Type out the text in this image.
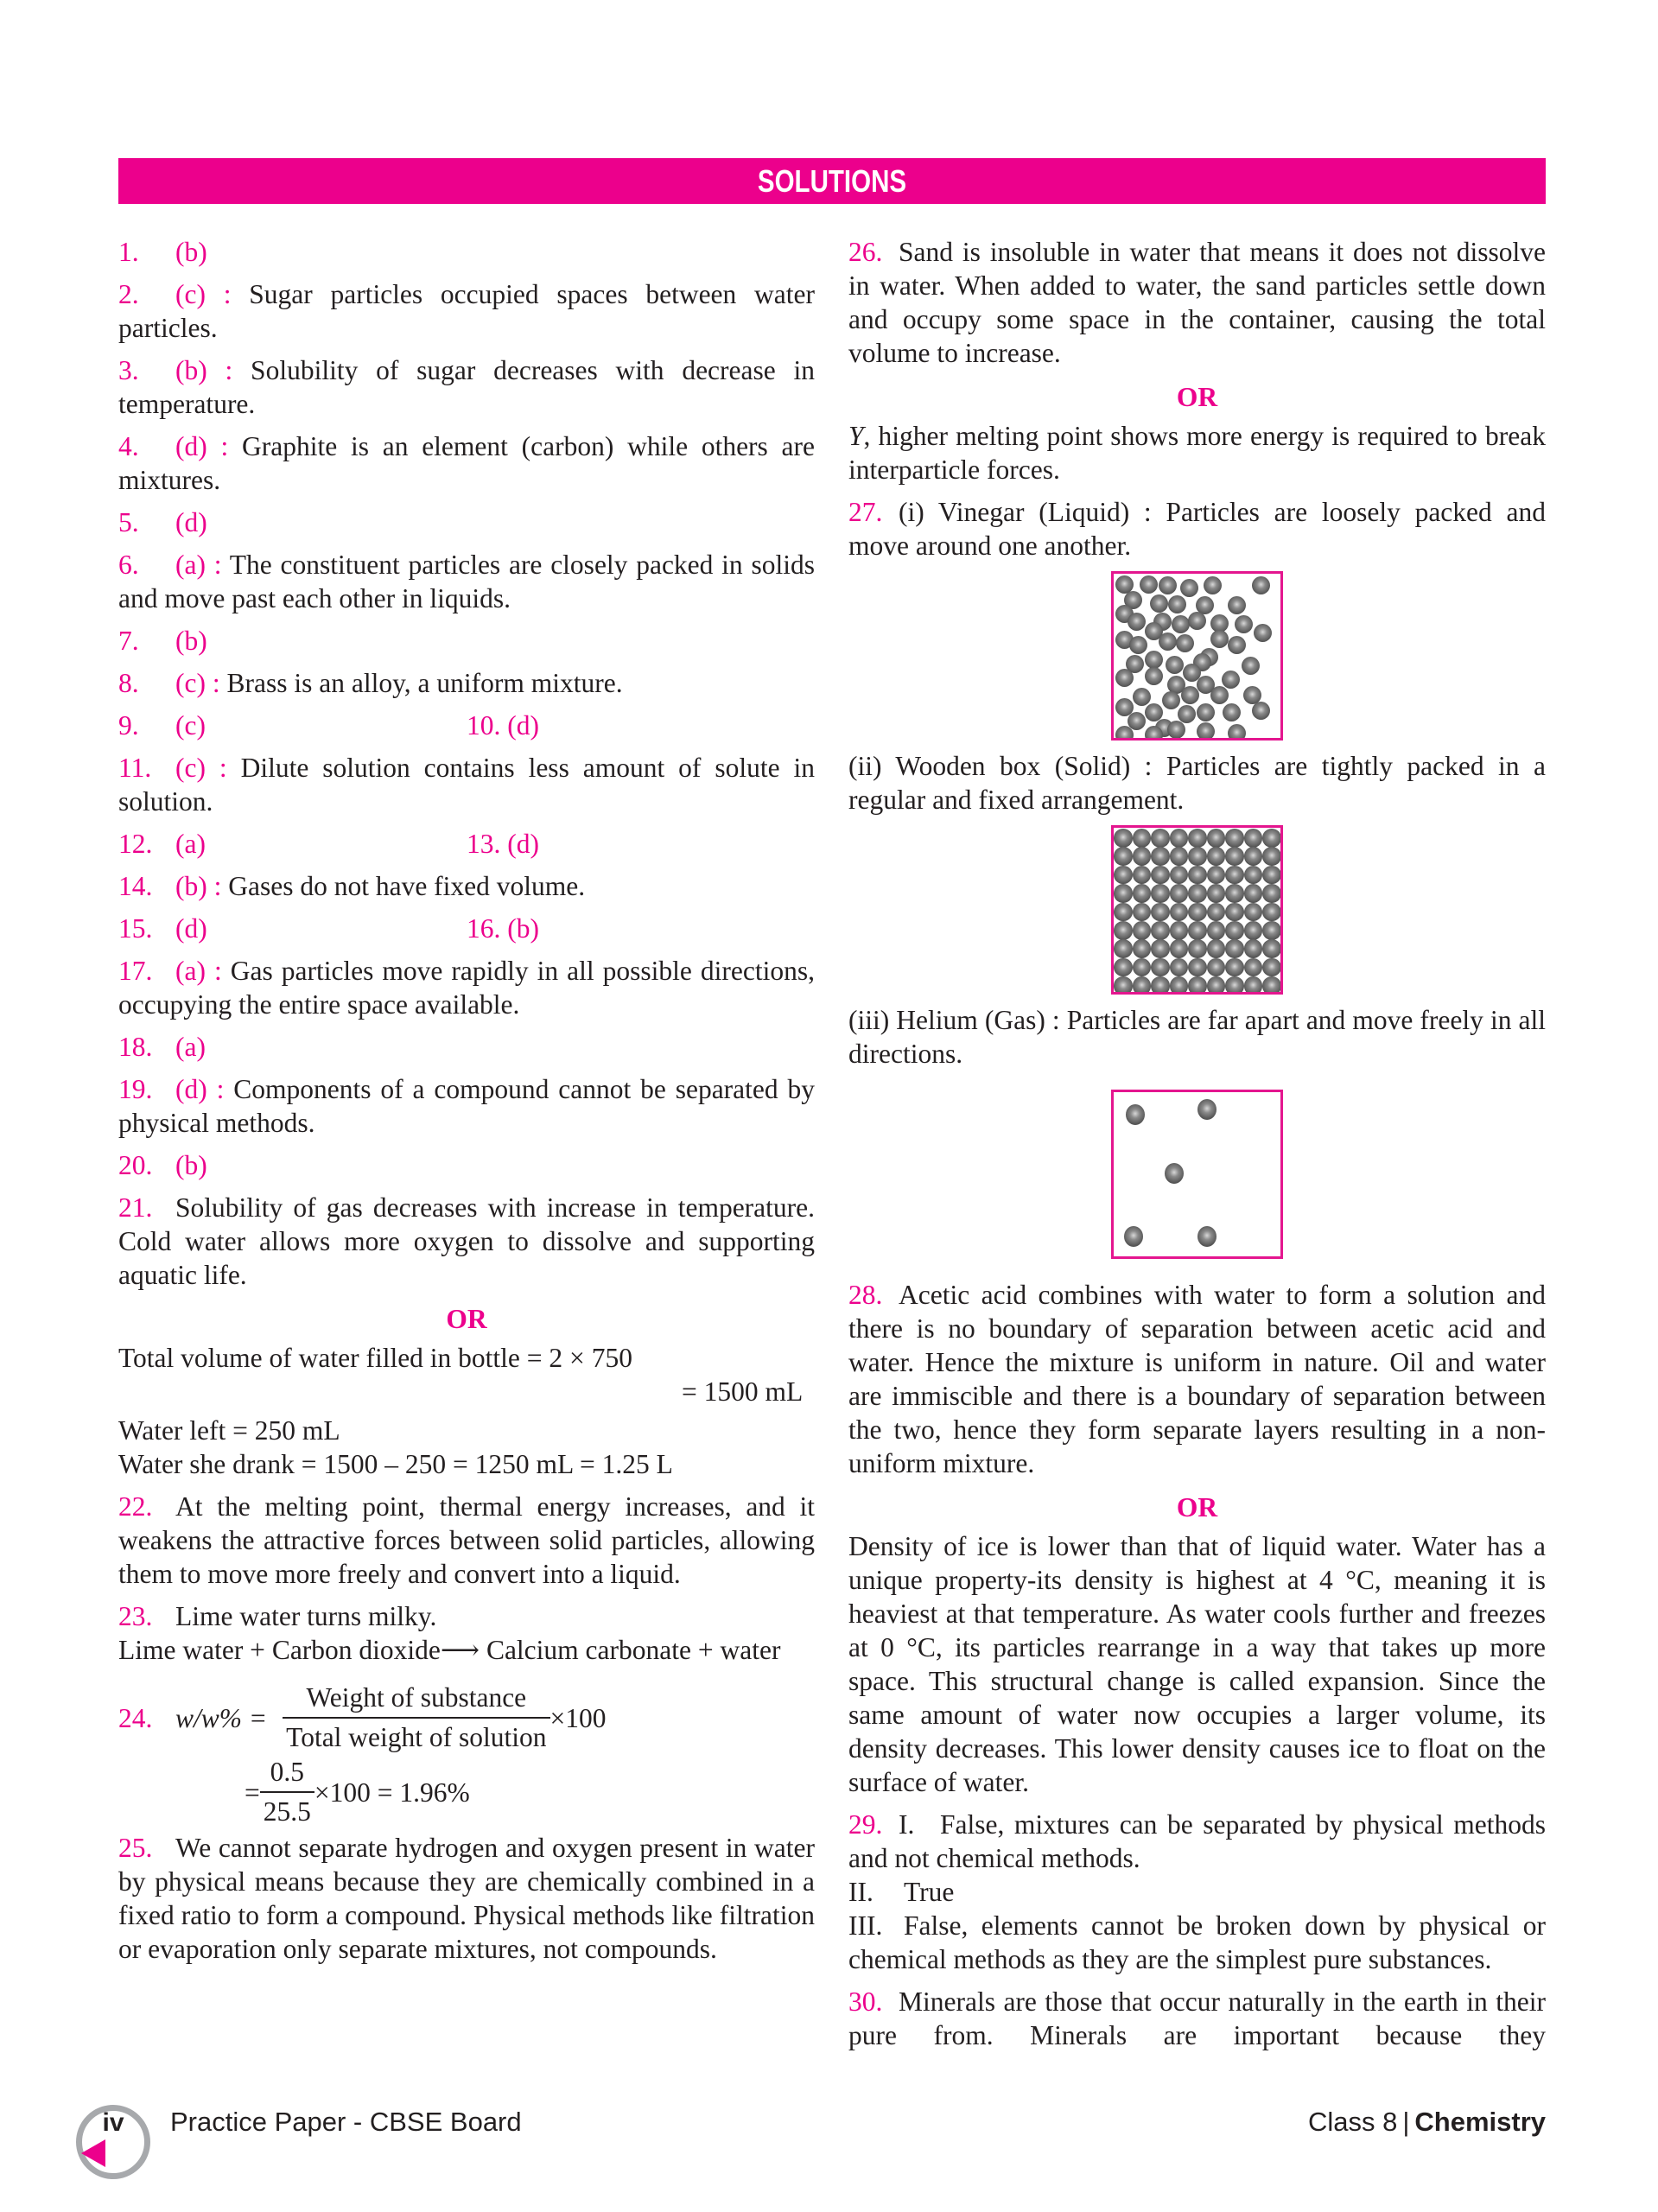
SOLUTIONS
1. (b)
2. (c) : Sugar particles occupied spaces between water particles.
3. (b) : Solubility of sugar decreases with decrease in temperature.
4. (d) : Graphite is an element (carbon) while others are mixtures.
5. (d)
6. (a) : The constituent particles are closely packed in solids and move past each other in liquids.
7. (b)
8. (c) : Brass is an alloy, a uniform mixture.
9. (c)	10. (d)
11. (c) : Dilute solution contains less amount of solute in solution.
12. (a)	13. (d)
14. (b) : Gases do not have fixed volume.
15. (d)	16. (b)
17. (a) : Gas particles move rapidly in all possible directions, occupying the entire space available.
18. (a)
19. (d) : Components of a compound cannot be separated by physical methods.
20. (b)
21. Solubility of gas decreases with increase in temperature. Cold water allows more oxygen to dissolve and supporting aquatic life.
OR
Total volume of water filled in bottle = 2 × 750
= 1500 mL
Water left = 250 mL
Water she drank = 1500 – 250 = 1250 mL = 1.25 L
22. At the melting point, thermal energy increases, and it weakens the attractive forces between solid particles, allowing them to move more freely and convert into a liquid.
23. Lime water turns milky.
Lime water + Carbon dioxide⟶ Calcium carbonate + water
24. $w/w\% = \frac{\text{Weight of substance}}{\text{Total weight of solution}} \times 100$
= $\frac{0.5}{25.5} \times 100 = 1.96\%$
25. We cannot separate hydrogen and oxygen present in water by physical means because they are chemically combined in a fixed ratio to form a compound. Physical methods like filtration or evaporation only separate mixtures, not compounds.
26. Sand is insoluble in water that means it does not dissolve in water. When added to water, the sand particles settle down and occupy some space in the container, causing the total volume to increase.
OR
Y, higher melting point shows more energy is required to break interparticle forces.
27. (i) Vinegar (Liquid) : Particles are loosely packed and move around one another.
(ii) Wooden box (Solid) : Particles are tightly packed in a regular and fixed arrangement.
(iii) Helium (Gas) : Particles are far apart and move freely in all directions.
28. Acetic acid combines with water to form a solution and there is no boundary of separation between acetic acid and water. Hence the mixture is uniform in nature. Oil and water are immiscible and there is a boundary of separation between the two, hence they form separate layers resulting in a non-uniform mixture.
OR
Density of ice is lower than that of liquid water. Water has a unique property-its density is highest at 4 °C, meaning it is heaviest at that temperature. As water cools further and freezes at 0 °C, its particles rearrange in a way that takes up more space. This structural change is called expansion. Since the same amount of water now occupies a larger volume, its density decreases. This lower density causes ice to float on the surface of water.
29. I. False, mixtures can be separated by physical methods and not chemical methods.
II. True
III. False, elements cannot be broken down by physical or chemical methods as they are the simplest pure substances.
30. Minerals are those that occur naturally in the earth in their pure from. Minerals are important because they
iv	Practice Paper - CBSE Board	Class 8 | Chemistry
